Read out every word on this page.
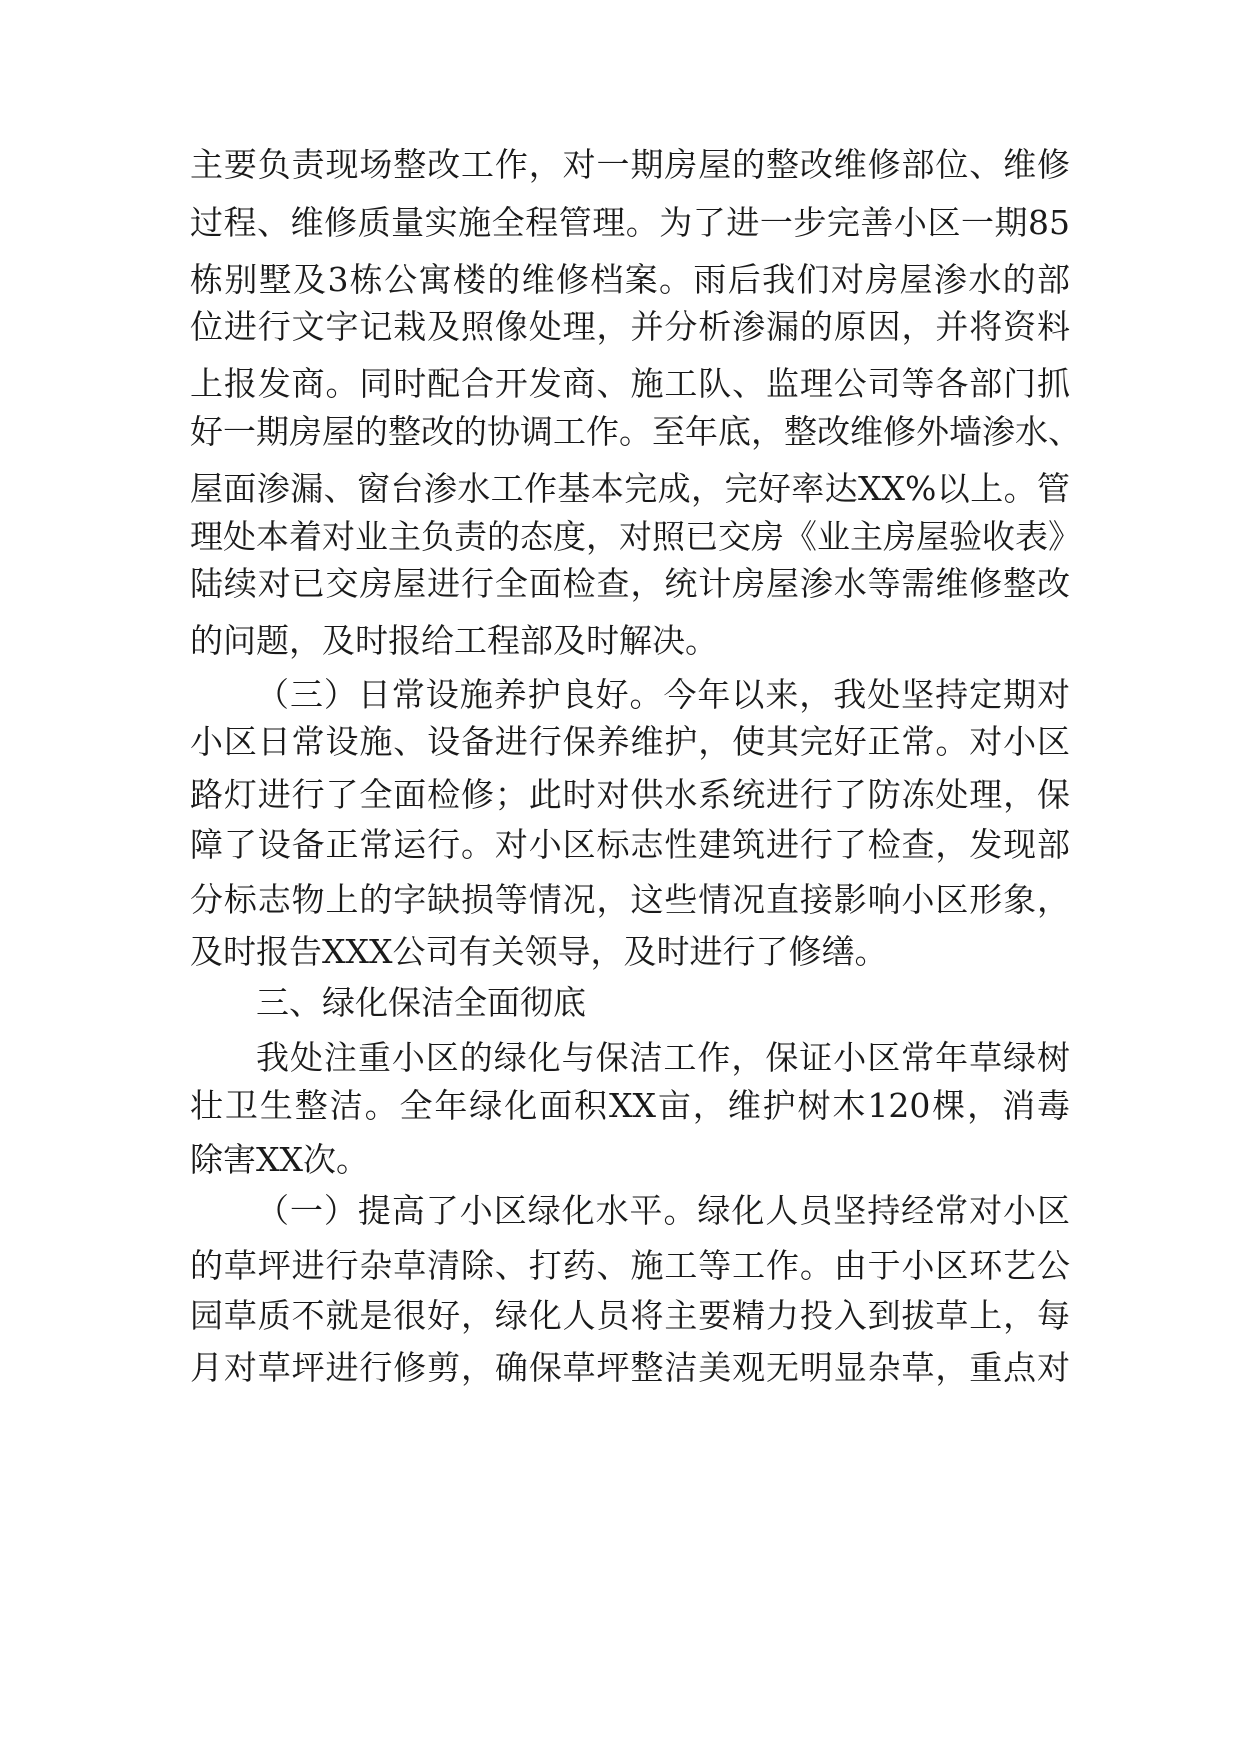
主要负责现场整改工作，对一期房屋的整改维修部位、维修

过程、维修质量实施全程管理。为了进一步完善小区一期85

栋别墅及3栋公寓楼的维修档案。雨后我们对房屋渗水的部

位进行文字记栽及照像处理，并分析渗漏的原因，并将资料

上报发商。同时配合开发商、施工队、监理公司等各部门抓

好一期房屋的整改的协调工作。至年底，整改维修外墙渗水、

屋面渗漏、窗台渗水工作基本完成，完好率达XX%以上。管

理处本着对业主负责的态度，对照已交房《业主房屋验收表》

陆续对已交房屋进行全面检查，统计房屋渗水等需维修整改

的问题，及时报给工程部及时解决。

（三）日常设施养护良好。今年以来，我处坚持定期对

小区日常设施、设备进行保养维护，使其完好正常。对小区

路灯进行了全面检修；此时对供水系统进行了防冻处理，保

障了设备正常运行。对小区标志性建筑进行了检查，发现部

分标志物上的字缺损等情况，这些情况直接影响小区形象，

及时报告XXX公司有关领导，及时进行了修缮。

三、绿化保洁全面彻底

我处注重小区的绿化与保洁工作，保证小区常年草绿树

壮卫生整洁。全年绿化面积XX亩，维护树木120棵，消毒

除害XX次。

（一）提高了小区绿化水平。绿化人员坚持经常对小区

的草坪进行杂草清除、打药、施工等工作。由于小区环艺公

园草质不就是很好，绿化人员将主要精力投入到拔草上，每

月对草坪进行修剪，确保草坪整洁美观无明显杂草，重点对
